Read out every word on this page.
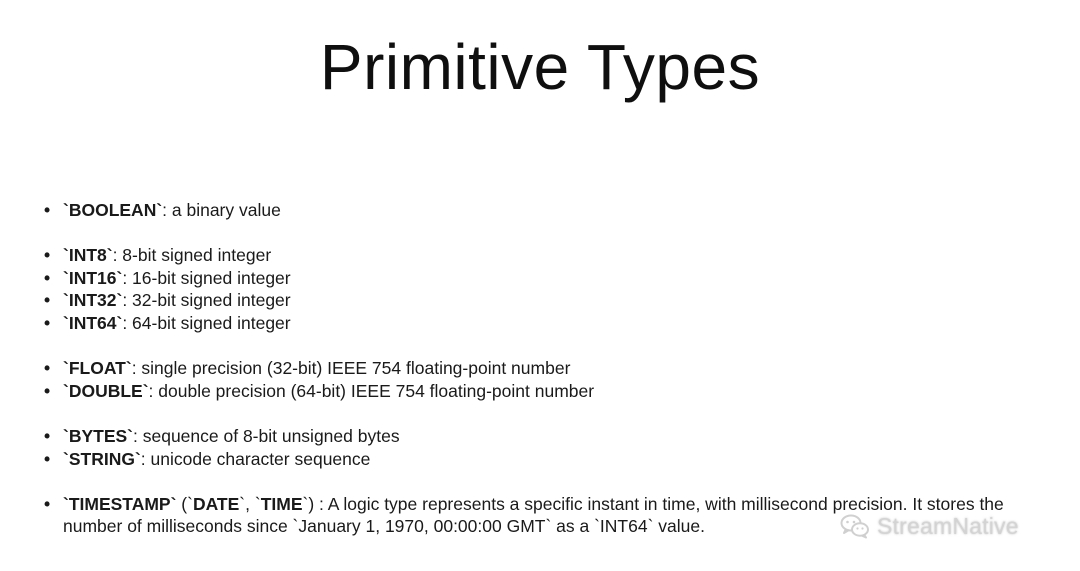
Primitive Types
• `BOOLEAN`: a binary value
• `INT8`: 8-bit signed integer
• `INT16`: 16-bit signed integer
• `INT32`: 32-bit signed integer
• `INT64`: 64-bit signed integer
• `FLOAT`: single precision (32-bit) IEEE 754 floating-point number
• `DOUBLE`: double precision (64-bit) IEEE 754 floating-point number
• `BYTES`: sequence of 8-bit unsigned bytes
• `STRING`: unicode character sequence
• `TIMESTAMP` (`DATE`, `TIME`) : A logic type represents a specific instant in time, with millisecond precision. It stores the number of milliseconds since `January 1, 1970, 00:00:00 GMT` as a `INT64` value.	StreamNative
